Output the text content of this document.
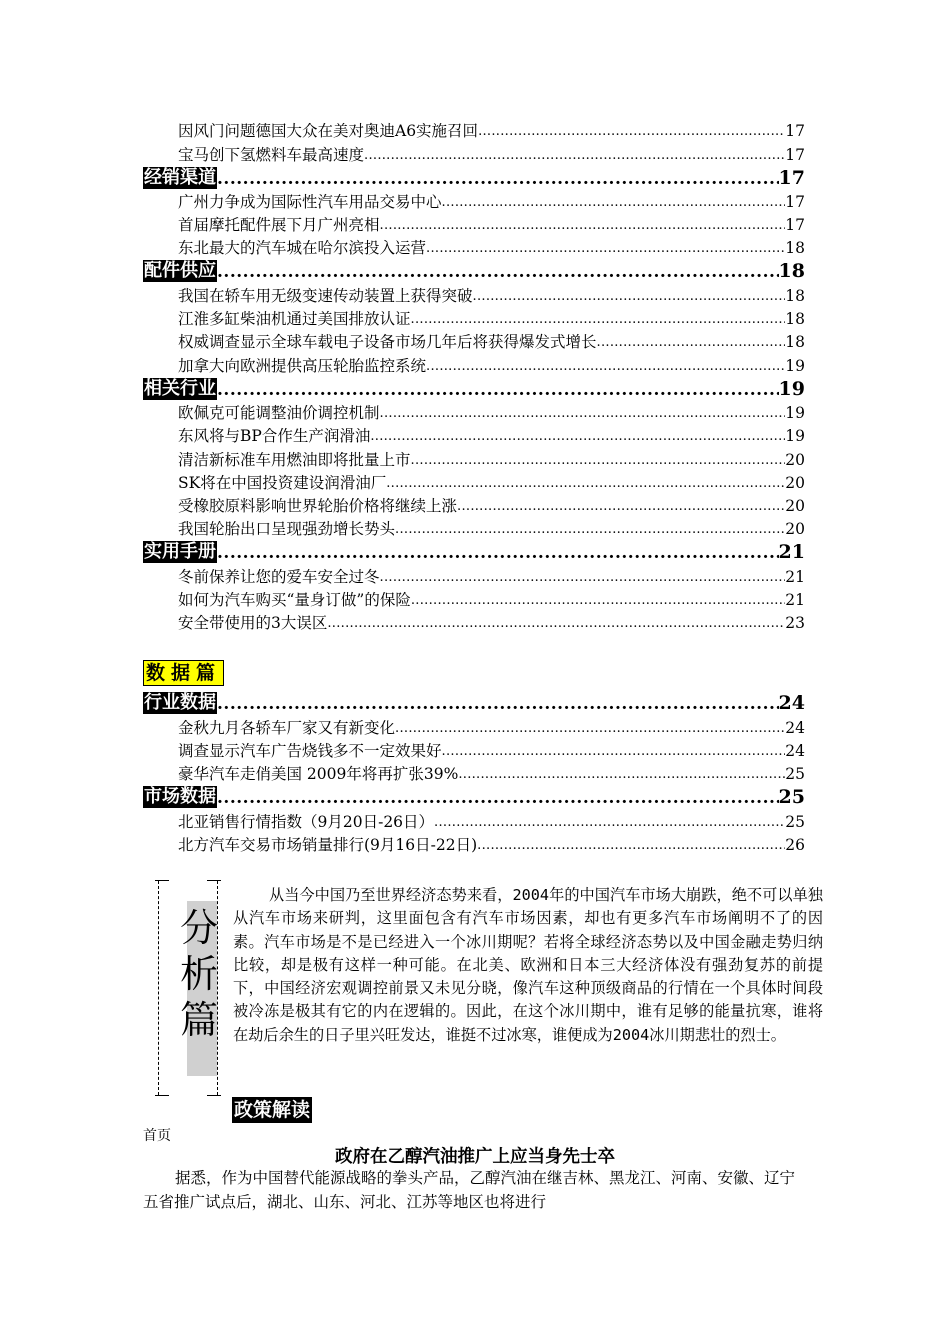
因风门问题德国大众在美对奥迪A6实施召回 .....	17
宝马创下氢燃料车最高速度 .....	17
经销渠道 .....	17
广州力争成为国际性汽车用品交易中心 .....	17
首届摩托配件展下月广州亮相 .....	17
东北最大的汽车城在哈尔滨投入运营 .....	18
配件供应 .....	18
我国在轿车用无级变速传动装置上获得突破 .....	18
江淮多缸柴油机通过美国排放认证 .....	18
权威调查显示全球车载电子设备市场几年后将获得爆发式增长 .....	18
加拿大向欧洲提供高压轮胎监控系统 .....	19
相关行业 .....	19
欧佩克可能调整油价调控机制 .....	19
东风将与BP合作生产润滑油 .....	19
清洁新标准车用燃油即将批量上市 .....	20
SK将在中国投资建设润滑油厂 .....	20
受橡胶原料影响世界轮胎价格将继续上涨 .....	20
我国轮胎出口呈现强劲增长势头 .....	20
实用手册 .....	21
冬前保养让您的爱车安全过冬 .....	21
如何为汽车购买“量身订做”的保险 .....	21
安全带使用的3大误区 .....	23
数据篇
行业数据 .....	24
金秋九月各轿车厂家又有新变化 .....	24
调查显示汽车广告烧钱多不一定效果好 .....	24
豪华汽车走俏美国 2009年将再扩张39% .....	25
市场数据 .....	25
北亚销售行情指数（9月20日-26日） .....	25
北方汽车交易市场销量排行(9月16日-22日) .....	26
分析篇
从当今中国乃至世界经济态势来看，2004年的中国汽车市场大崩跌，绝不可以单独从汽车市场来研判，这里面包含有汽车市场因素，却也有更多汽车市场阐明不了的因素。汽车市场是不是已经进入一个冰川期呢？若将全球经济态势以及中国金融走势归纳比较，却是极有这样一种可能。在北美、欧洲和日本三大经济体没有强劲复苏的前提下，中国经济宏观调控前景又未见分晓，像汽车这种顶级商品的行情在一个具体时间段被冷冻是极其有它的内在逻辑的。因此，在这个冰川期中，谁有足够的能量抗寒，谁将在劫后余生的日子里兴旺发达，谁挺不过冰寒，谁便成为2004冰川期悲壮的烈士。
政策解读
首页
政府在乙醇汽油推广上应当身先士卒
据悉，作为中国替代能源战略的拳头产品，乙醇汽油在继吉林、黑龙江、河南、安徽、辽宁五省推广试点后，湖北、山东、河北、江苏等地区也将进行
